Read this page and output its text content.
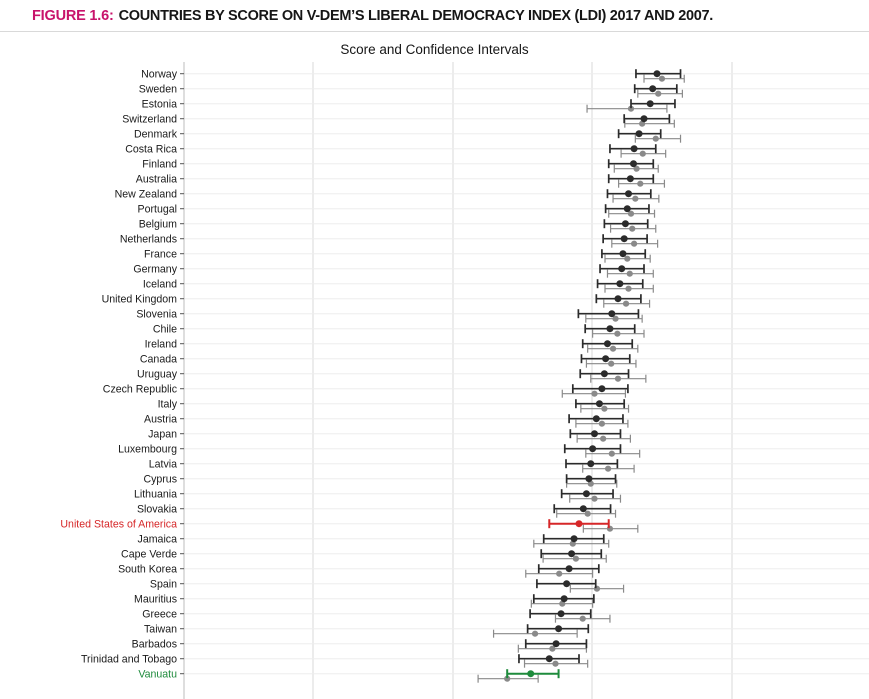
FIGURE 1.6: COUNTRIES BY SCORE ON V-DEM’S LIBERAL DEMOCRACY INDEX (LDI) 2017 AND 2007.
Score and Confidence Intervals
Norway
Sweden
Estonia
Switzerland
Denmark
Costa Rica
Finland
Australia
New Zealand
Portugal
Belgium
Netherlands
France
Germany
Iceland
United Kingdom
Slovenia
Chile
Ireland
Canada
Uruguay
Czech Republic
Italy
Austria
Japan
Luxembourg
Latvia
Cyprus
Lithuania
Slovakia
United States of America
Jamaica
Cape Verde
South Korea
Spain
Mauritius
Greece
Taiwan
Barbados
Trinidad and Tobago
Vanuatu
